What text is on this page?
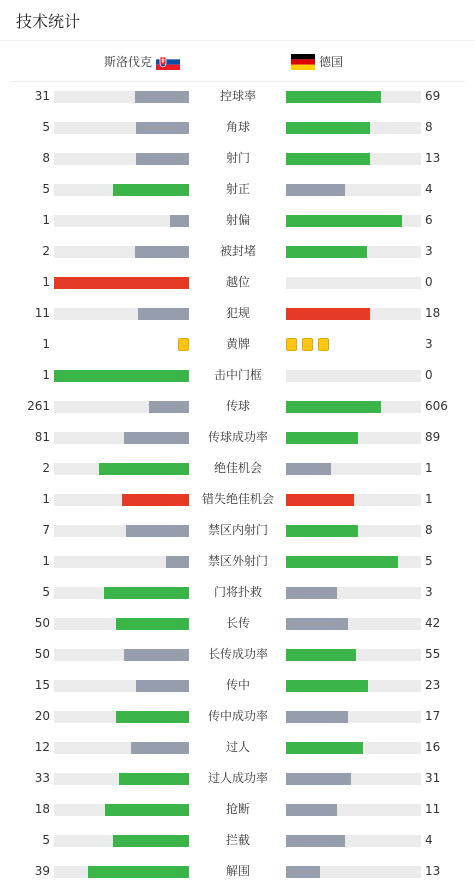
技术统计
斯洛伐克	德国
31	控球率	69
5	角球	8
8	射门	13
5	射正	4
1	射偏	6
2	被封堵	3
1	越位	0
11	犯规	18
1	黄牌	3
1	击中门框	0
261	传球	606
81	传球成功率	89
2	绝佳机会	1
1	错失绝佳机会	1
7	禁区内射门	8
1	禁区外射门	5
5	门将扑救	3
50	长传	42
50	长传成功率	55
15	传中	23
20	传中成功率	17
12	过人	16
33	过人成功率	31
18	抢断	11
5	拦截	4
39	解围	13
